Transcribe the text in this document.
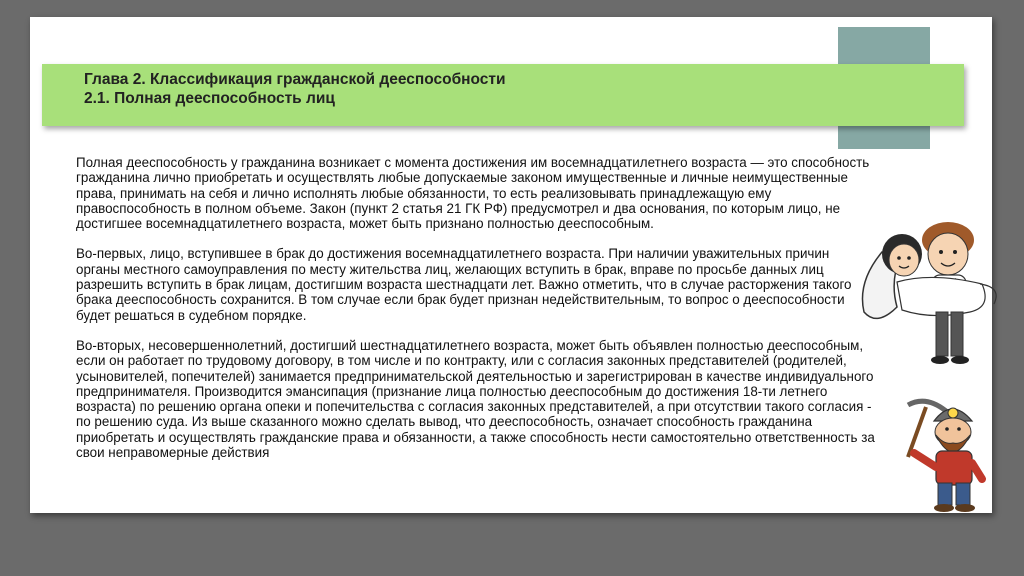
Глава 2. Классификация гражданской дееспособности

2.1. Полная дееспособность лиц

Полная дееспособность у гражданина возникает с момента достижения им восемнадцатилетнего возраста — это способность гражданина лично приобретать и осуществлять любые допускаемые законом имущественные и личные неимущественные права, принимать на себя и лично исполнять любые обязанности, то есть реализовывать принадлежащую ему правоспособность в полном объеме. Закон (пункт 2 статья 21 ГК РФ) предусмотрел и два основания, по которым лицо, не достигшее восемнадцатилетнего возраста, может быть признано полностью дееспособным.

Во-первых, лицо, вступившее в брак до достижения восемнадцатилетнего возраста. При наличии уважительных причин органы местного самоуправления по месту жительства лиц, желающих вступить в брак, вправе по просьбе данных лиц разрешить вступить в брак лицам, достигшим возраста шестнадцати лет. Важно отметить, что в случае расторжения такого брака дееспособность сохранится. В том случае если брак будет признан недействительным, то вопрос о дееспособности будет решаться в судебном порядке.

Во-вторых, несовершеннолетний, достигший шестнадцатилетнего возраста, может быть объявлен полностью дееспособным, если он работает по трудовому договору, в том числе и по контракту, или с согласия законных представителей (родителей, усыновителей, попечителей) занимается предпринимательской деятельностью и зарегистрирован в качестве индивидуального предпринимателя. Производится эмансипация (признание лица полностью дееспособным до достижения 18-ти летнего возраста) по решению органа опеки и попечительства с согласия законных представителей, а при отсутствии такого согласия - по решению суда. Из выше сказанного можно сделать вывод, что дееспособность, означает способность гражданина приобретать и осуществлять гражданские права и обязанности, а также способность нести самостоятельно ответственность за свои неправомерные действия
